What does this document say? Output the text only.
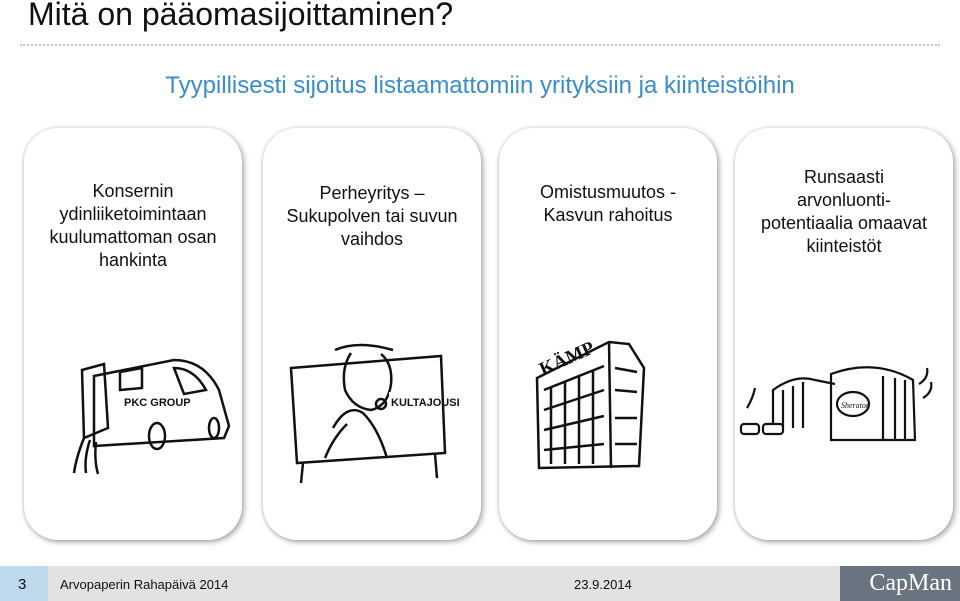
Mitä on pääomasijoittaminen?
Tyypillisesti sijoitus listaamattomiin yrityksiin ja kiinteistöihin
Konsernin
ydinliiketoimintaan
kuulumattoman osan
hankinta
PKC GROUP
Perheyritys –
Sukupolven tai suvun
vaihdos
KULTAJOUSI
Omistusmuutos -
Kasvun rahoitus
KÄMP
Runsaasti
arvonluonti-
potentiaalia omaavat
kiinteistöt
Sheraton
3	Arvopaperin Rahapäivä 2014	23.9.2014	CapMan
